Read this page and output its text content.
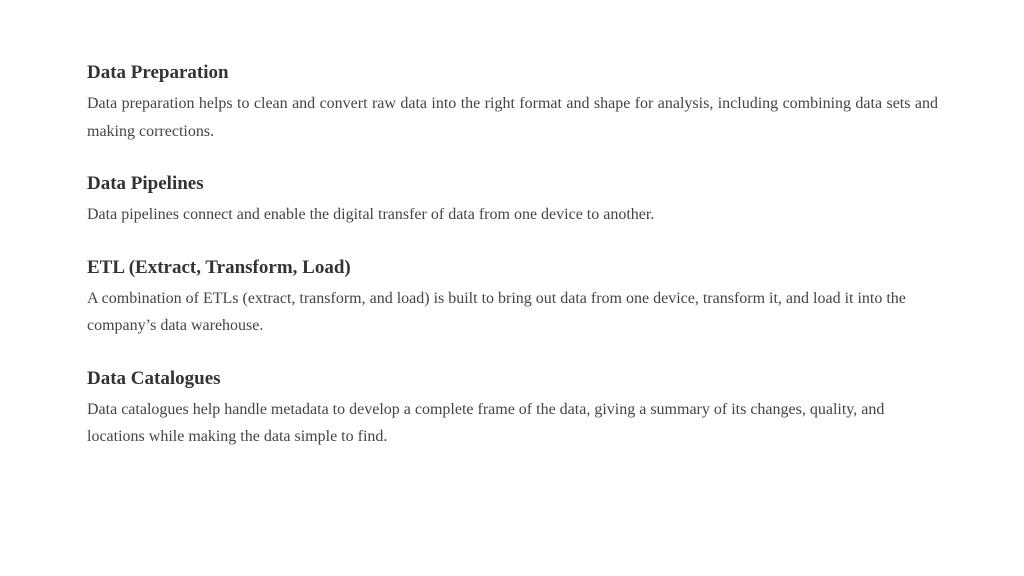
Data Preparation

Data preparation helps to clean and convert raw data into the right format and shape for analysis, including combining data sets and making corrections.

Data Pipelines

Data pipelines connect and enable the digital transfer of data from one device to another.

ETL (Extract, Transform, Load)

A combination of ETLs (extract, transform, and load) is built to bring out data from one device, transform it, and load it into the company’s data warehouse.

Data Catalogues

Data catalogues help handle metadata to develop a complete frame of the data, giving a summary of its changes, quality, and locations while making the data simple to find.
